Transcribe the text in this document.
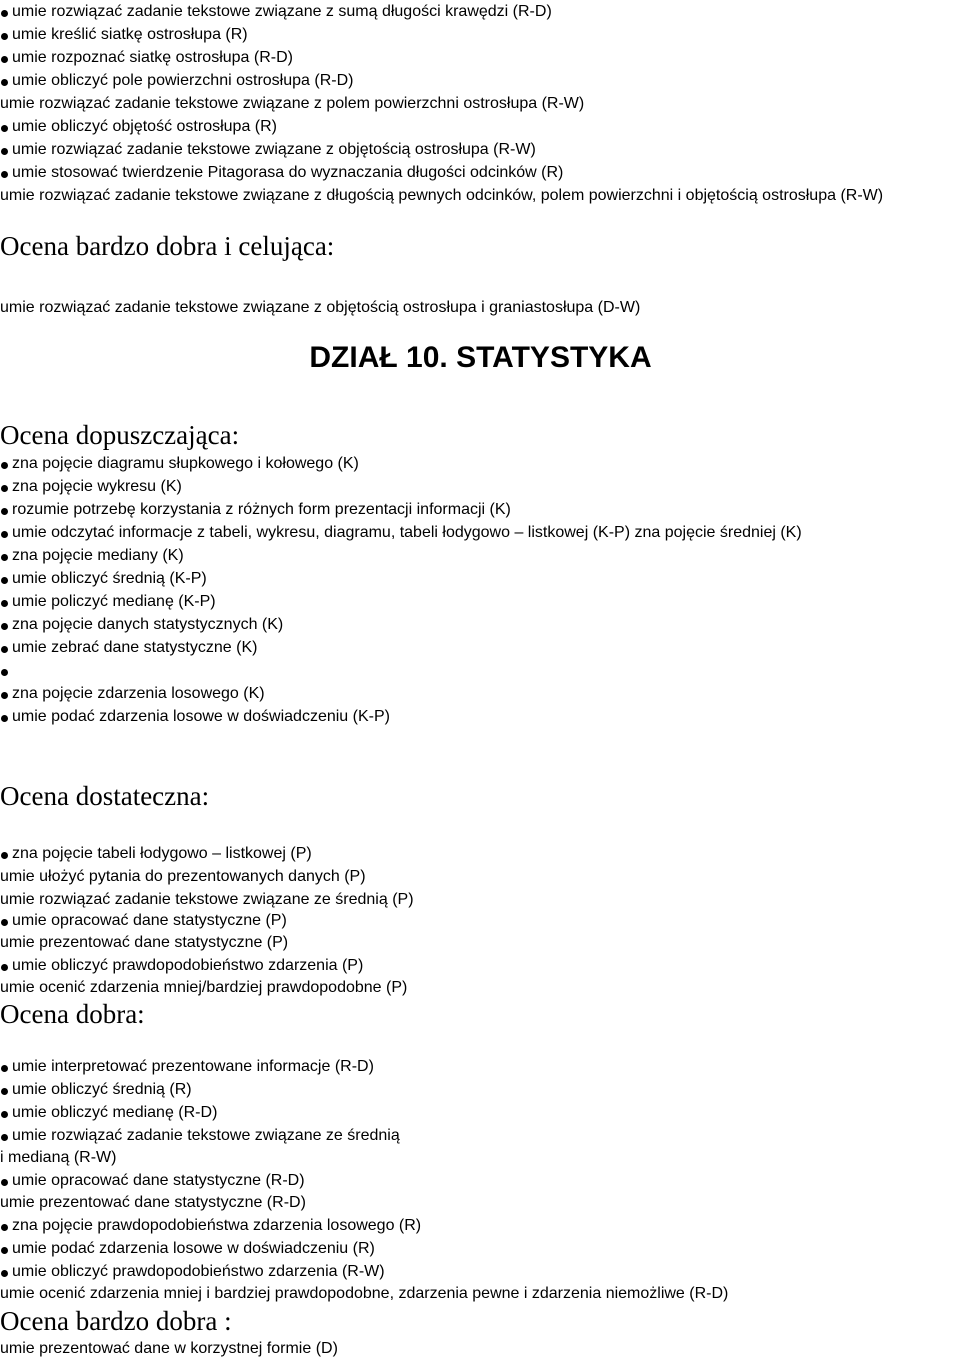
umie rozwiązać zadanie tekstowe związane z sumą długości krawędzi (R-D)
umie kreślić siatkę ostrosłupa (R)
umie rozpoznać siatkę ostrosłupa (R-D)
umie obliczyć pole powierzchni ostrosłupa (R-D)
umie rozwiązać zadanie tekstowe związane z polem powierzchni ostrosłupa (R-W)
umie obliczyć objętość ostrosłupa (R)
umie rozwiązać zadanie tekstowe związane z objętością ostrosłupa (R-W)
umie stosować twierdzenie Pitagorasa do wyznaczania długości odcinków (R)
umie rozwiązać zadanie tekstowe związane z długością pewnych odcinków, polem powierzchni i objętością ostrosłupa (R-W)
Ocena bardzo dobra i celująca:
umie rozwiązać zadanie tekstowe związane z objętością ostrosłupa i graniastosłupa (D-W)
DZIAŁ 10. STATYSTYKA
Ocena dopuszczająca:
zna pojęcie diagramu słupkowego i kołowego (K)
zna pojęcie wykresu (K)
rozumie potrzebę korzystania z różnych form prezentacji informacji (K)
umie odczytać informacje z tabeli, wykresu, diagramu, tabeli łodygowo – listkowej (K-P) zna pojęcie średniej (K)
zna pojęcie mediany (K)
umie obliczyć średnią (K-P)
umie policzyć medianę (K-P)
zna pojęcie danych statystycznych (K)
umie zebrać dane statystyczne (K)
zna pojęcie zdarzenia losowego (K)
umie podać zdarzenia losowe w doświadczeniu (K-P)
Ocena dostateczna:
zna pojęcie tabeli łodygowo – listkowej (P)
umie ułożyć pytania do prezentowanych danych (P)
umie rozwiązać zadanie tekstowe związane ze średnią (P)
umie opracować dane statystyczne (P)
umie prezentować dane statystyczne (P)
umie obliczyć prawdopodobieństwo zdarzenia (P)
umie ocenić zdarzenia mniej/bardziej prawdopodobne (P)
Ocena dobra:
umie interpretować prezentowane informacje (R-D)
umie obliczyć średnią (R)
umie obliczyć medianę (R-D)
umie rozwiązać zadanie tekstowe związane ze średnią
i medianą (R-W)
umie opracować dane statystyczne (R-D)
umie prezentować dane statystyczne (R-D)
zna pojęcie prawdopodobieństwa zdarzenia losowego (R)
umie podać zdarzenia losowe w doświadczeniu (R)
umie obliczyć prawdopodobieństwo zdarzenia (R-W)
umie ocenić zdarzenia mniej i bardziej prawdopodobne, zdarzenia pewne i zdarzenia niemożliwe (R-D)
Ocena bardzo dobra :
umie prezentować dane w korzystnej formie (D)
